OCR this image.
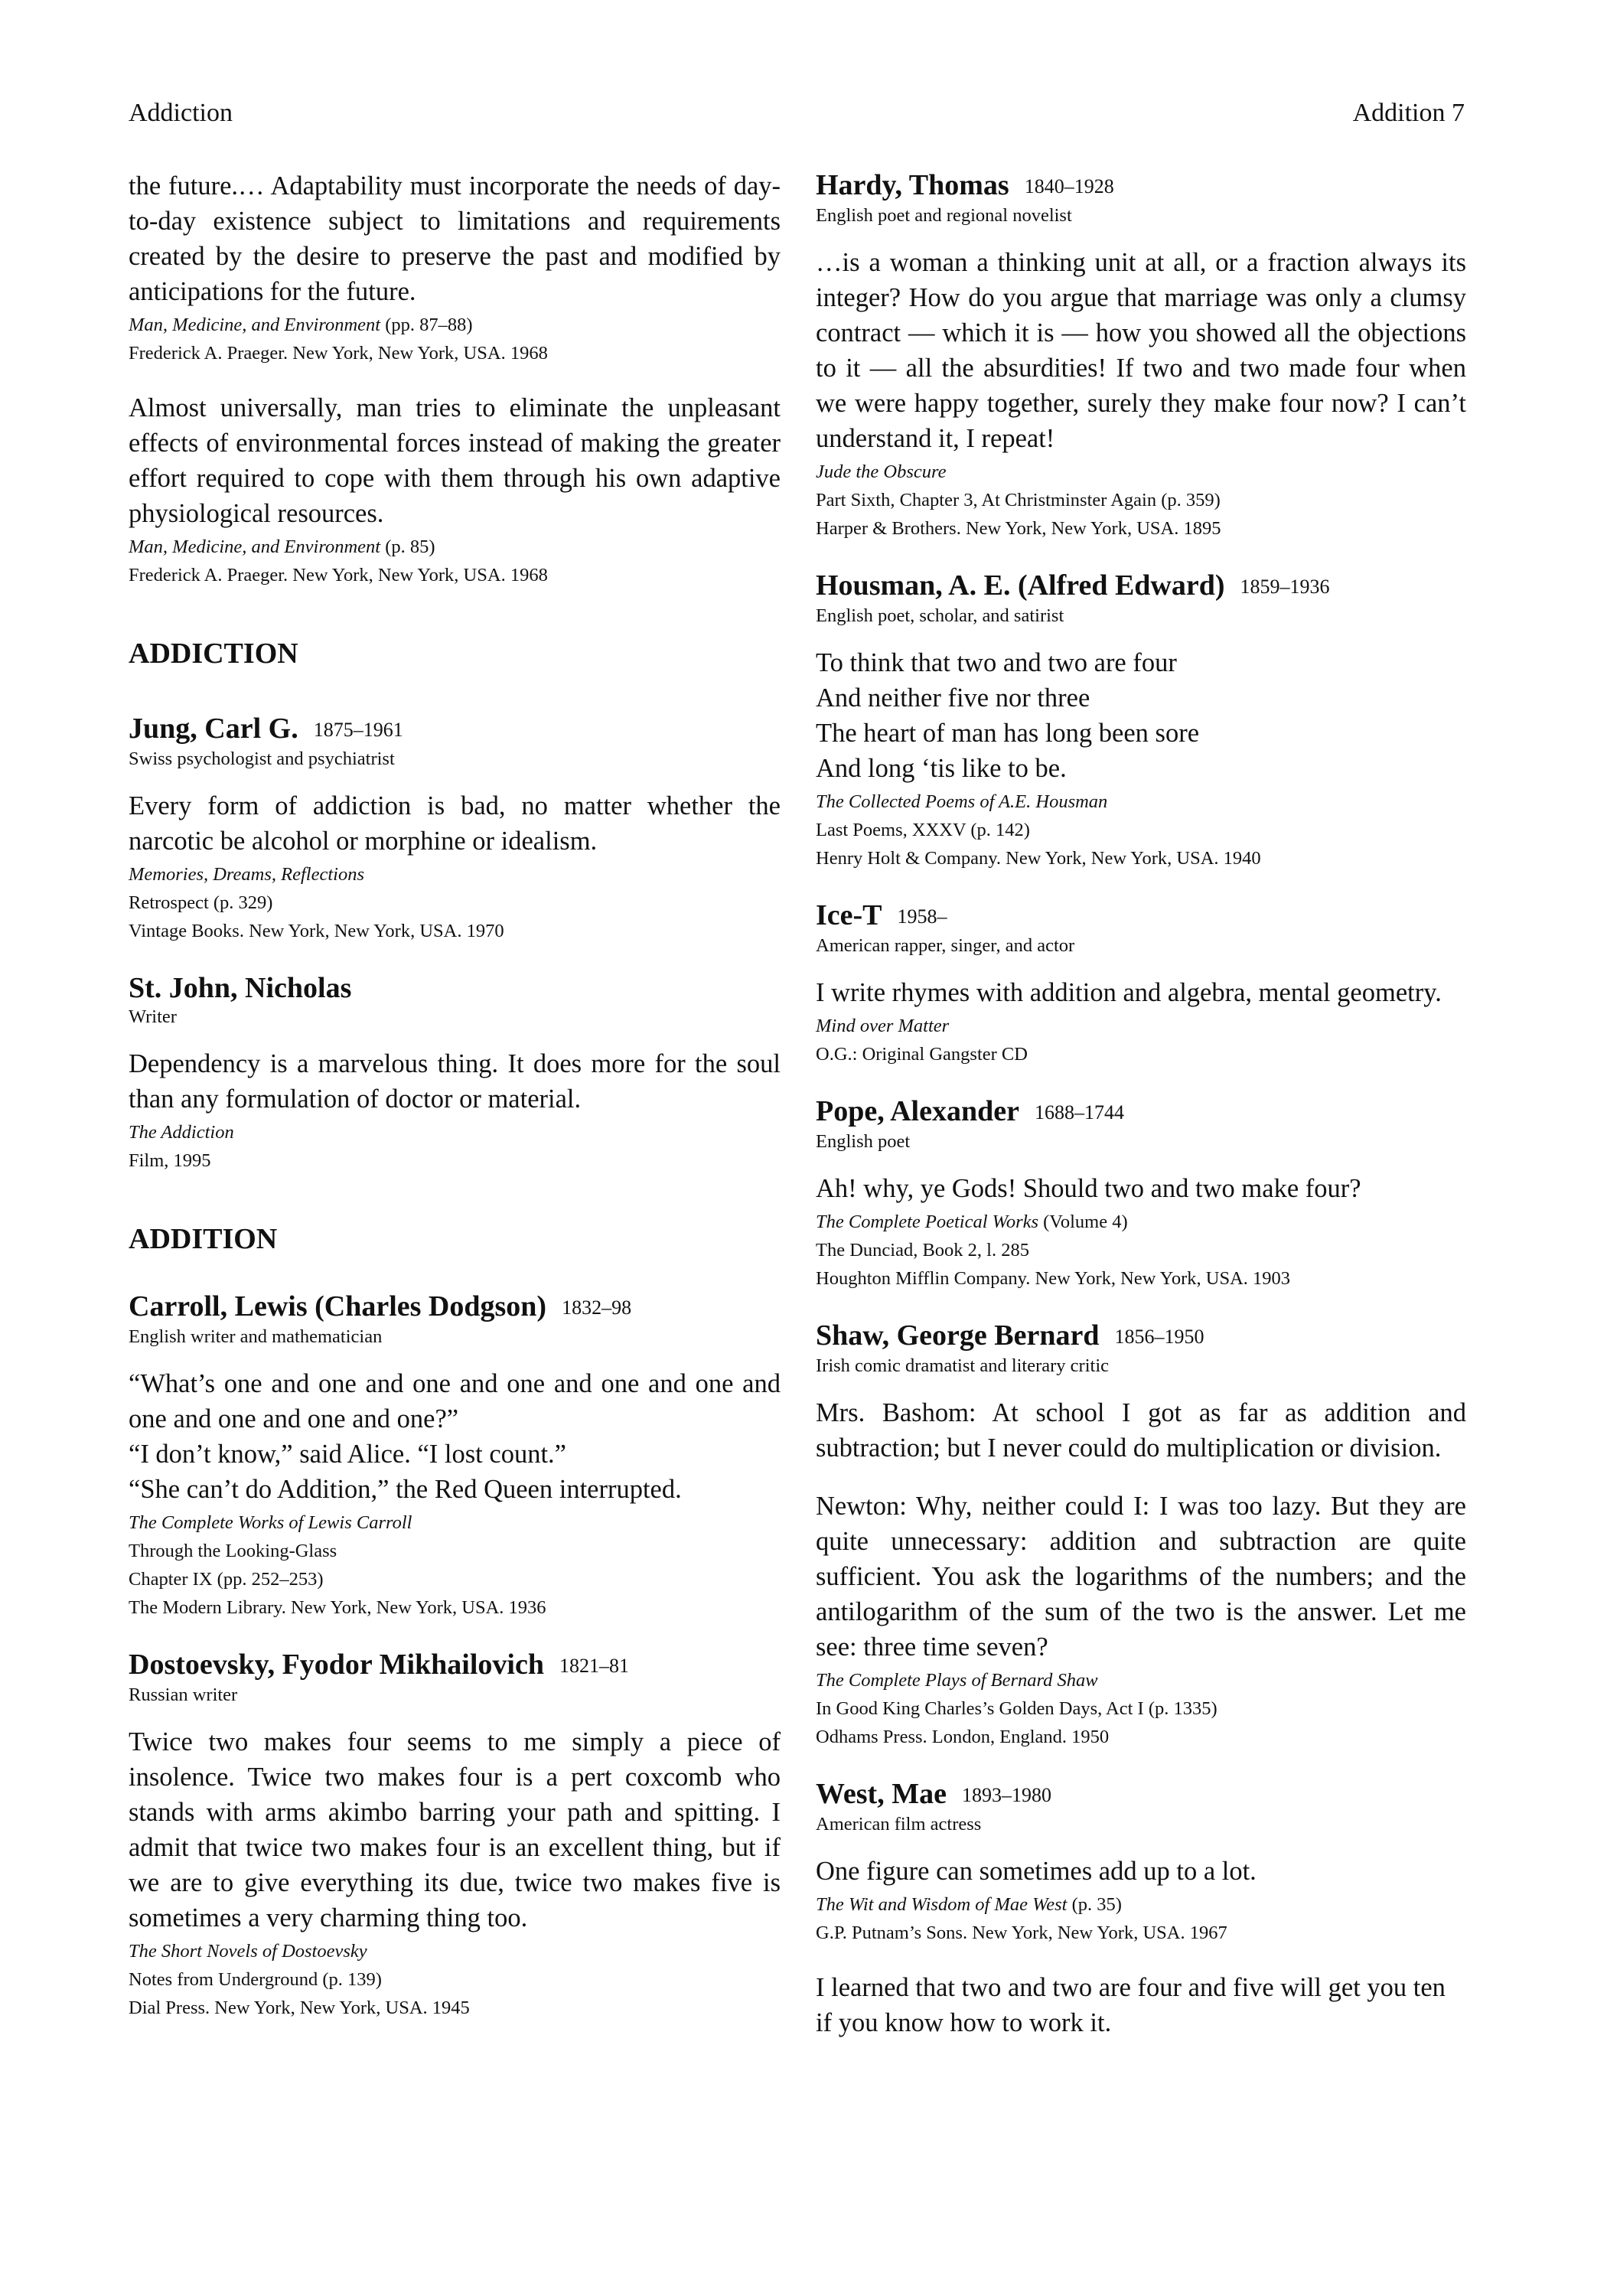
Addiction	Addition 7

the future.… Adaptability must incorporate the needs of day-to-day existence subject to limitations and requirements created by the desire to preserve the past and modified by anticipations for the future.

Man, Medicine, and Environment (pp. 87–88)

Frederick A. Praeger. New York, New York, USA. 1968

Almost universally, man tries to eliminate the unpleasant effects of environmental forces instead of making the greater effort required to cope with them through his own adaptive physiological resources.

Man, Medicine, and Environment (p. 85)

Frederick A. Praeger. New York, New York, USA. 1968

ADDICTION

Jung, Carl G. 1875–1961

Swiss psychologist and psychiatrist

Every form of addiction is bad, no matter whether the narcotic be alcohol or morphine or idealism.

Memories, Dreams, Reflections

Retrospect (p. 329)

Vintage Books. New York, New York, USA. 1970

St. John, Nicholas

Writer

Dependency is a marvelous thing. It does more for the soul than any formulation of doctor or material.

The Addiction

Film, 1995

ADDITION

Carroll, Lewis (Charles Dodgson) 1832–98

English writer and mathematician

“What’s one and one and one and one and one and one and one and one and one and one?”

“I don’t know,” said Alice. “I lost count.”

“She can’t do Addition,” the Red Queen interrupted.

The Complete Works of Lewis Carroll

Through the Looking-Glass

Chapter IX (pp. 252–253)

The Modern Library. New York, New York, USA. 1936

Dostoevsky, Fyodor Mikhailovich 1821–81

Russian writer

Twice two makes four seems to me simply a piece of insolence. Twice two makes four is a pert coxcomb who stands with arms akimbo barring your path and spitting. I admit that twice two makes four is an excellent thing, but if we are to give everything its due, twice two makes five is sometimes a very charming thing too.

The Short Novels of Dostoevsky

Notes from Underground (p. 139)

Dial Press. New York, New York, USA. 1945

Hardy, Thomas 1840–1928

English poet and regional novelist

…is a woman a thinking unit at all, or a fraction always its integer? How do you argue that marriage was only a clumsy contract — which it is — how you showed all the objections to it — all the absurdities! If two and two made four when we were happy together, surely they make four now? I can’t understand it, I repeat!

Jude the Obscure

Part Sixth, Chapter 3, At Christminster Again (p. 359)

Harper & Brothers. New York, New York, USA. 1895

Housman, A. E. (Alfred Edward) 1859–1936

English poet, scholar, and satirist

To think that two and two are four

And neither five nor three

The heart of man has long been sore

And long ‘tis like to be.

The Collected Poems of A.E. Housman

Last Poems, XXXV (p. 142)

Henry Holt & Company. New York, New York, USA. 1940

Ice-T 1958–

American rapper, singer, and actor

I write rhymes with addition and algebra, mental geometry.

Mind over Matter

O.G.: Original Gangster CD

Pope, Alexander 1688–1744

English poet

Ah! why, ye Gods! Should two and two make four?

The Complete Poetical Works (Volume 4)

The Dunciad, Book 2, l. 285

Houghton Mifflin Company. New York, New York, USA. 1903

Shaw, George Bernard 1856–1950

Irish comic dramatist and literary critic

Mrs. Bashom: At school I got as far as addition and subtraction; but I never could do multiplication or division.

Newton: Why, neither could I: I was too lazy. But they are quite unnecessary: addition and subtraction are quite sufficient. You ask the logarithms of the numbers; and the antilogarithm of the sum of the two is the answer. Let me see: three time seven?

The Complete Plays of Bernard Shaw

In Good King Charles’s Golden Days, Act I (p. 1335)

Odhams Press. London, England. 1950

West, Mae 1893–1980

American film actress

One figure can sometimes add up to a lot.

The Wit and Wisdom of Mae West (p. 35)

G.P. Putnam’s Sons. New York, New York, USA. 1967

I learned that two and two are four and five will get you ten if you know how to work it.
